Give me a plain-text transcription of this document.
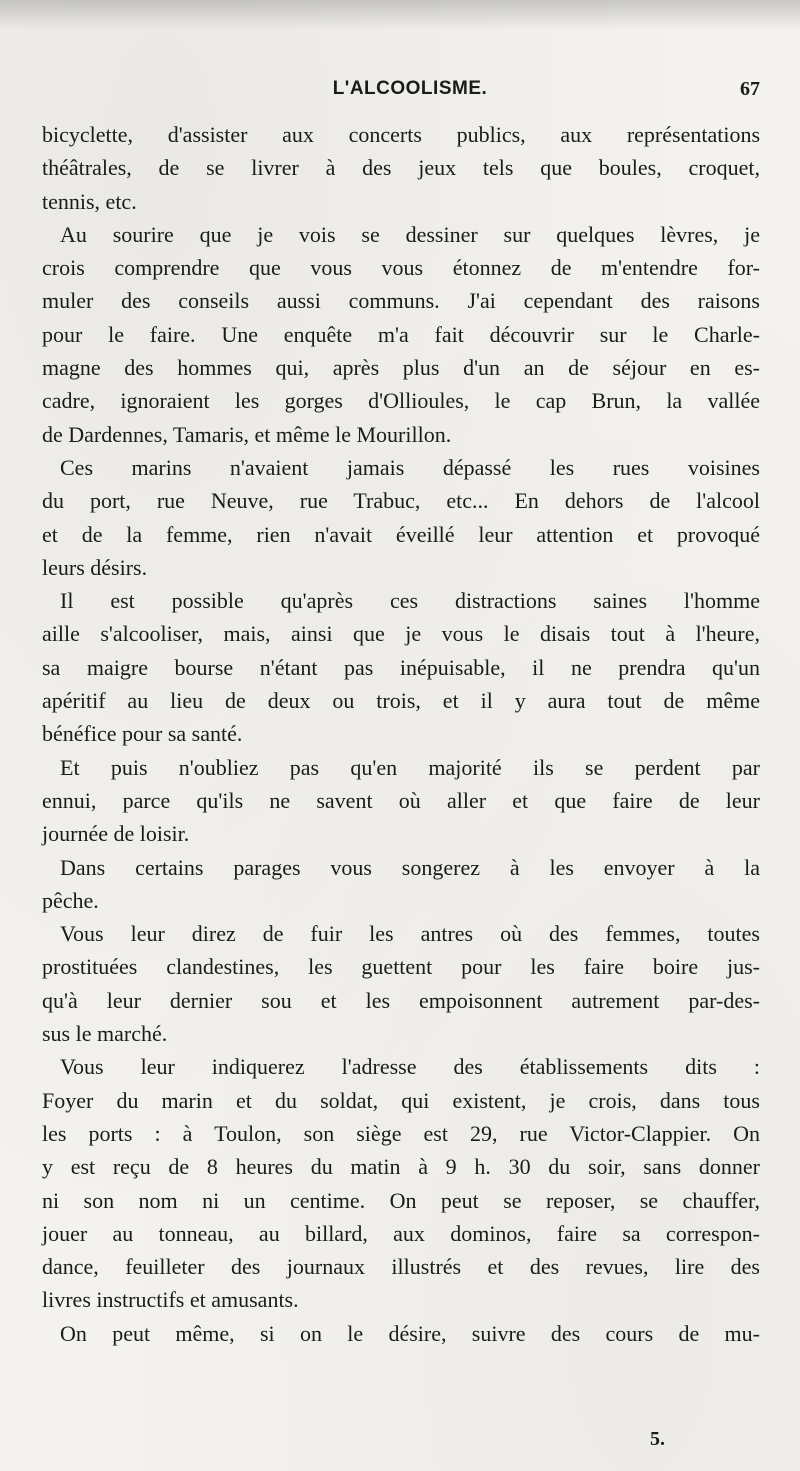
L'ALCOOLISME.	67
bicyclette, d'assister aux concerts publics, aux représentations
théâtrales, de se livrer à des jeux tels que boules, croquet,
tennis, etc.
Au sourire que je vois se dessiner sur quelques lèvres, je
crois comprendre que vous vous étonnez de m'entendre for-
muler des conseils aussi communs. J'ai cependant des raisons
pour le faire. Une enquête m'a fait découvrir sur le Charle-
magne des hommes qui, après plus d'un an de séjour en es-
cadre, ignoraient les gorges d'Ollioules, le cap Brun, la vallée
de Dardennes, Tamaris, et même le Mourillon.
Ces marins n'avaient jamais dépassé les rues voisines
du port, rue Neuve, rue Trabuc, etc... En dehors de l'alcool
et de la femme, rien n'avait éveillé leur attention et provoqué
leurs désirs.
Il est possible qu'après ces distractions saines l'homme
aille s'alcooliser, mais, ainsi que je vous le disais tout à l'heure,
sa maigre bourse n'étant pas inépuisable, il ne prendra qu'un
apéritif au lieu de deux ou trois, et il y aura tout de même
bénéfice pour sa santé.
Et puis n'oubliez pas qu'en majorité ils se perdent par
ennui, parce qu'ils ne savent où aller et que faire de leur
journée de loisir.
Dans certains parages vous songerez à les envoyer à la
pêche.
Vous leur direz de fuir les antres où des femmes, toutes
prostituées clandestines, les guettent pour les faire boire jus-
qu'à leur dernier sou et les empoisonnent autrement par-des-
sus le marché.
Vous leur indiquerez l'adresse des établissements dits :
Foyer du marin et du soldat, qui existent, je crois, dans tous
les ports : à Toulon, son siège est 29, rue Victor-Clappier. On
y est reçu de 8 heures du matin à 9 h. 30 du soir, sans donner
ni son nom ni un centime. On peut se reposer, se chauffer,
jouer au tonneau, au billard, aux dominos, faire sa correspon-
dance, feuilleter des journaux illustrés et des revues, lire des
livres instructifs et amusants.
On peut même, si on le désire, suivre des cours de mu-
5.
